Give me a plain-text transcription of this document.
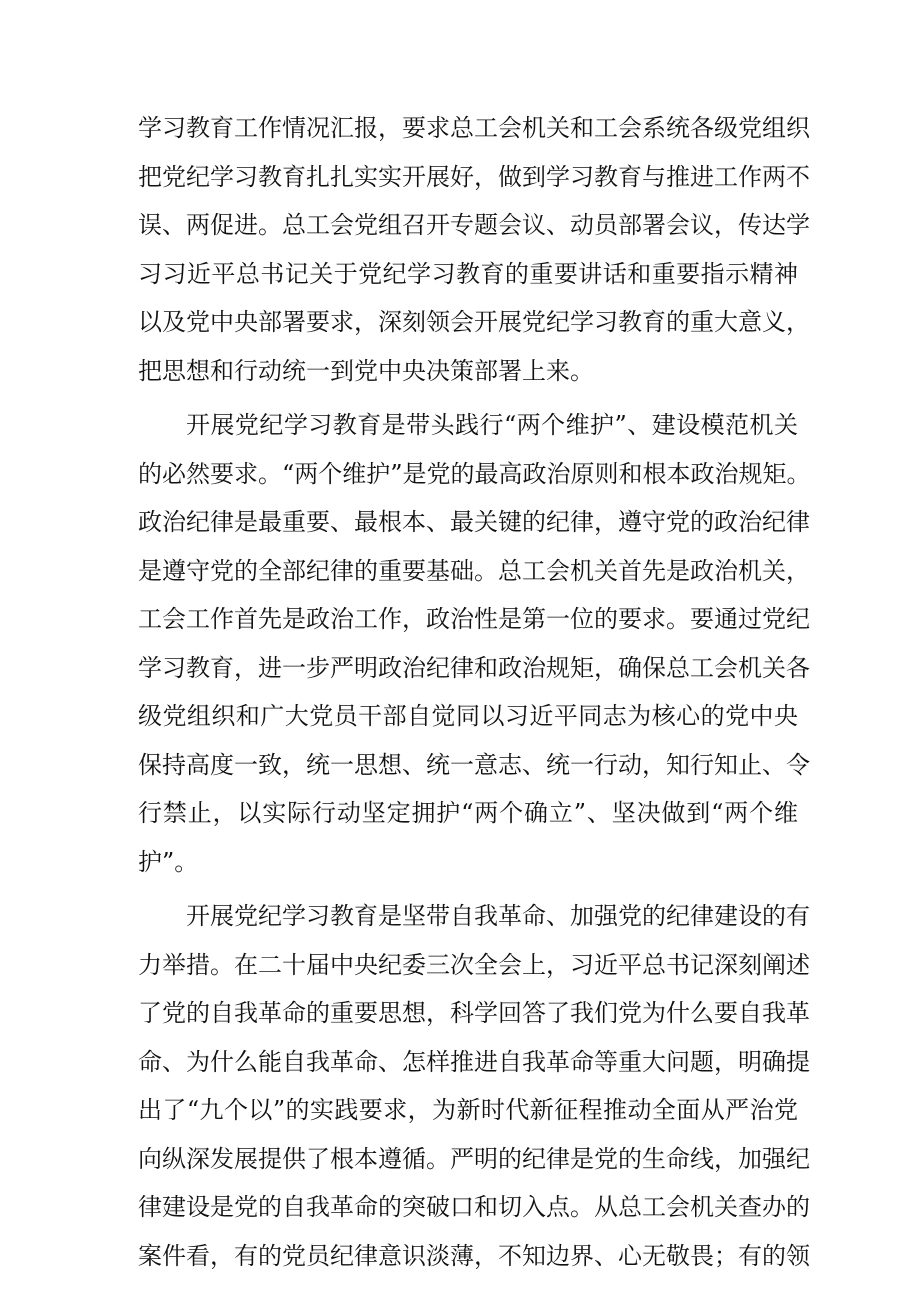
学习教育工作情况汇报，要求总工会机关和工会系统各级党组织
把党纪学习教育扎扎实实开展好，做到学习教育与推进工作两不
误、两促进。总工会党组召开专题会议、动员部署会议，传达学
习习近平总书记关于党纪学习教育的重要讲话和重要指示精神
以及党中央部署要求，深刻领会开展党纪学习教育的重大意义，
把思想和行动统一到党中央决策部署上来。
开展党纪学习教育是带头践行“两个维护”、建设模范机关
的必然要求。“两个维护”是党的最高政治原则和根本政治规矩。
政治纪律是最重要、最根本、最关键的纪律，遵守党的政治纪律
是遵守党的全部纪律的重要基础。总工会机关首先是政治机关，
工会工作首先是政治工作，政治性是第一位的要求。要通过党纪
学习教育，进一步严明政治纪律和政治规矩，确保总工会机关各
级党组织和广大党员干部自觉同以习近平同志为核心的党中央
保持高度一致，统一思想、统一意志、统一行动，知行知止、令
行禁止，以实际行动坚定拥护“两个确立”、坚决做到“两个维
护”。
开展党纪学习教育是坚带自我革命、加强党的纪律建设的有
力举措。在二十届中央纪委三次全会上，习近平总书记深刻阐述
了党的自我革命的重要思想，科学回答了我们党为什么要自我革
命、为什么能自我革命、怎样推进自我革命等重大问题，明确提
出了“九个以”的实践要求，为新时代新征程推动全面从严治党
向纵深发展提供了根本遵循。严明的纪律是党的生命线，加强纪
律建设是党的自我革命的突破口和切入点。从总工会机关查办的
案件看，有的党员纪律意识淡薄，不知边界、心无敬畏；有的领
